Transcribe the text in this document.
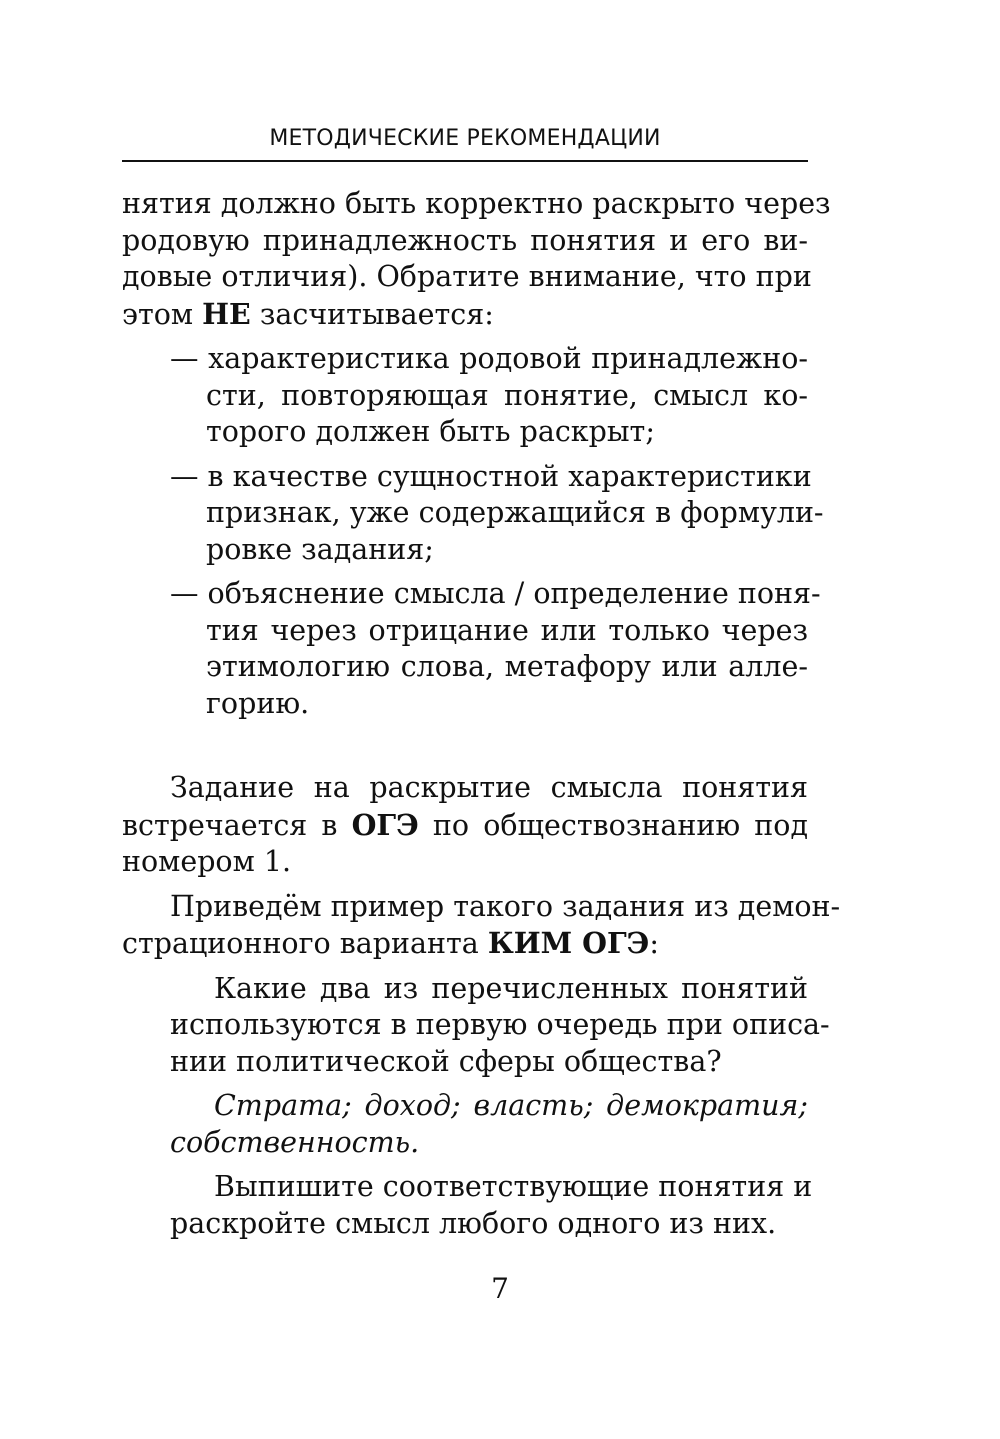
МЕТОДИЧЕСКИЕ РЕКОМЕНДАЦИИ
нятия должно быть корректно раскрыто через
родовую принадлежность понятия и его ви-
довые отличия). Обратите внимание, что при
этом НЕ засчитывается:
— характеристика родовой принадлежно-
сти, повторяющая понятие, смысл ко-
торого должен быть раскрыт;
— в качестве сущностной характеристики
признак, уже содержащийся в формули-
ровке задания;
— объяснение смысла / определение поня-
тия через отрицание или только через
этимологию слова, метафору или алле-
горию.
Задание на раскрытие смысла понятия
встречается в ОГЭ по обществознанию под
номером 1.
Приведём пример такого задания из демон-
страционного варианта КИМ ОГЭ:
Какие два из перечисленных понятий
используются в первую очередь при описа-
нии политической сферы общества?
Страта; доход; власть; демократия;
собственность.
Выпишите соответствующие понятия и
раскройте смысл любого одного из них.
7
